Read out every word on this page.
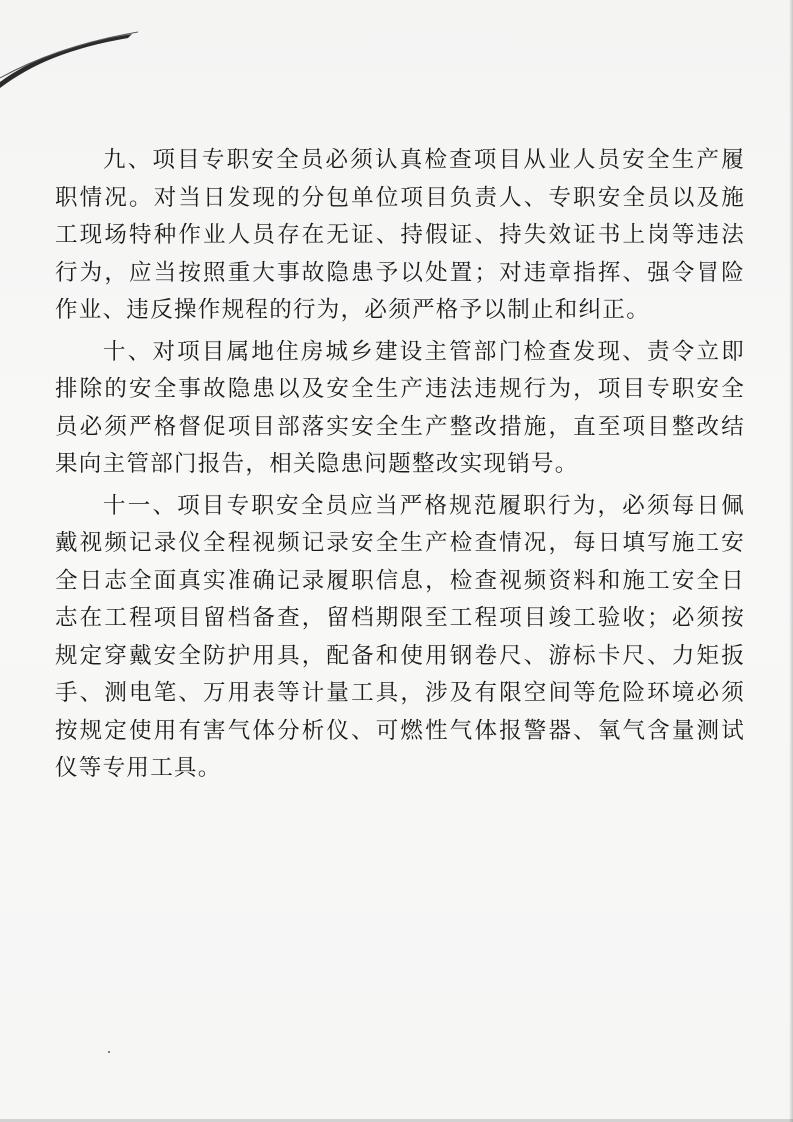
九、项目专职安全员必须认真检查项目从业人员安全生产履职情况。对当日发现的分包单位项目负责人、专职安全员以及施工现场特种作业人员存在无证、持假证、持失效证书上岗等违法行为，应当按照重大事故隐患予以处置；对违章指挥、强令冒险作业、违反操作规程的行为，必须严格予以制止和纠正。

十、对项目属地住房城乡建设主管部门检查发现、责令立即排除的安全事故隐患以及安全生产违法违规行为，项目专职安全员必须严格督促项目部落实安全生产整改措施，直至项目整改结果向主管部门报告，相关隐患问题整改实现销号。

十一、项目专职安全员应当严格规范履职行为，必须每日佩戴视频记录仪全程视频记录安全生产检查情况，每日填写施工安全日志全面真实准确记录履职信息，检查视频资料和施工安全日志在工程项目留档备查，留档期限至工程项目竣工验收；必须按规定穿戴安全防护用具，配备和使用钢卷尺、游标卡尺、力矩扳手、测电笔、万用表等计量工具，涉及有限空间等危险环境必须按规定使用有害气体分析仪、可燃性气体报警器、氧气含量测试仪等专用工具。
